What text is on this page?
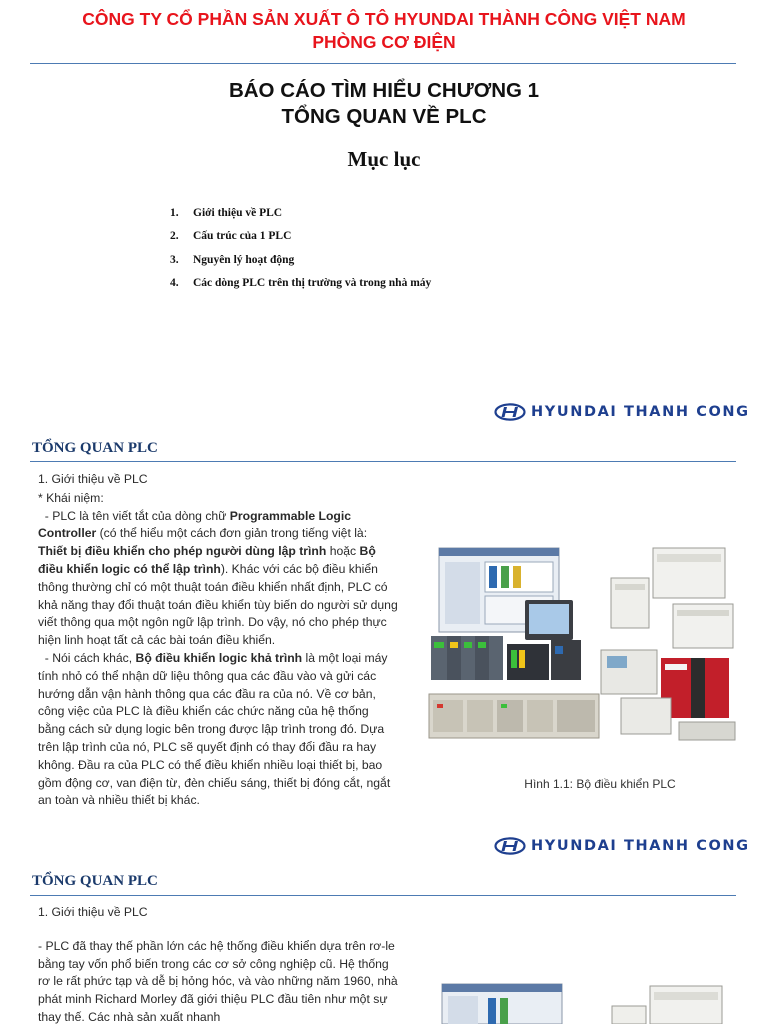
CÔNG TY CỔ PHẦN SẢN XUẤT Ô TÔ HYUNDAI THÀNH CÔNG VIỆT NAM
PHÒNG CƠ ĐIỆN
BÁO CÁO TÌM HIỂU CHƯƠNG 1
TỔNG QUAN VỀ PLC
Mục lục
1.	Giới thiệu về PLC
2.	Cấu trúc của 1 PLC
3.	Nguyên lý hoạt động
4.	Các dòng PLC trên thị trường và trong nhà máy
HYUNDAI THANH CONG
TỔNG QUAN PLC

1. Giới thiệu về PLC

* Khái niệm:

- PLC là tên viết tắt của dòng chữ Programmable Logic Controller (có thể hiểu một cách đơn giản trong tiếng việt là: Thiết bị điều khiển cho phép người dùng lập trình hoặc Bộ điều khiển logic có thể lập trình). Khác với các bộ điều khiển thông thường chỉ có một thuật toán điều khiển nhất định, PLC có khả năng thay đổi thuật toán điều khiển tùy biến do người sử dụng viết thông qua một ngôn ngữ lập trình. Do vậy, nó cho phép thực hiện linh hoạt tất cả các bài toán điều khiển.

- Nói cách khác, Bộ điều khiển logic khả trình là một loại máy tính nhỏ có thể nhận dữ liệu thông qua các đầu vào và gửi các hướng dẫn vận hành thông qua các đầu ra của nó. Về cơ bản, công việc của PLC là điều khiển các chức năng của hệ thống bằng cách sử dụng logic bên trong được lập trình trong đó. Dựa trên lập trình của nó, PLC sẽ quyết định có thay đổi đầu ra hay không. Đầu ra của PLC có thể điều khiển nhiều loại thiết bị, bao gồm động cơ, van điện từ, đèn chiếu sáng, thiết bị đóng cắt, ngắt an toàn và nhiều thiết bị khác.

Hình 1.1: Bộ điều khiển PLC
HYUNDAI THANH CONG
TỔNG QUAN PLC

1. Giới thiệu về PLC

- PLC đã thay thế phần lớn các hệ thống điều khiển dựa trên rơ-le bằng tay vốn phổ biến trong các cơ sở công nghiệp cũ. Hệ thống rơ le rất phức tạp và dễ bị hỏng hóc, và vào những năm 1960, nhà phát minh Richard Morley đã giới thiệu PLC đầu tiên như một sự thay thế. Các nhà sản xuất nhanh
